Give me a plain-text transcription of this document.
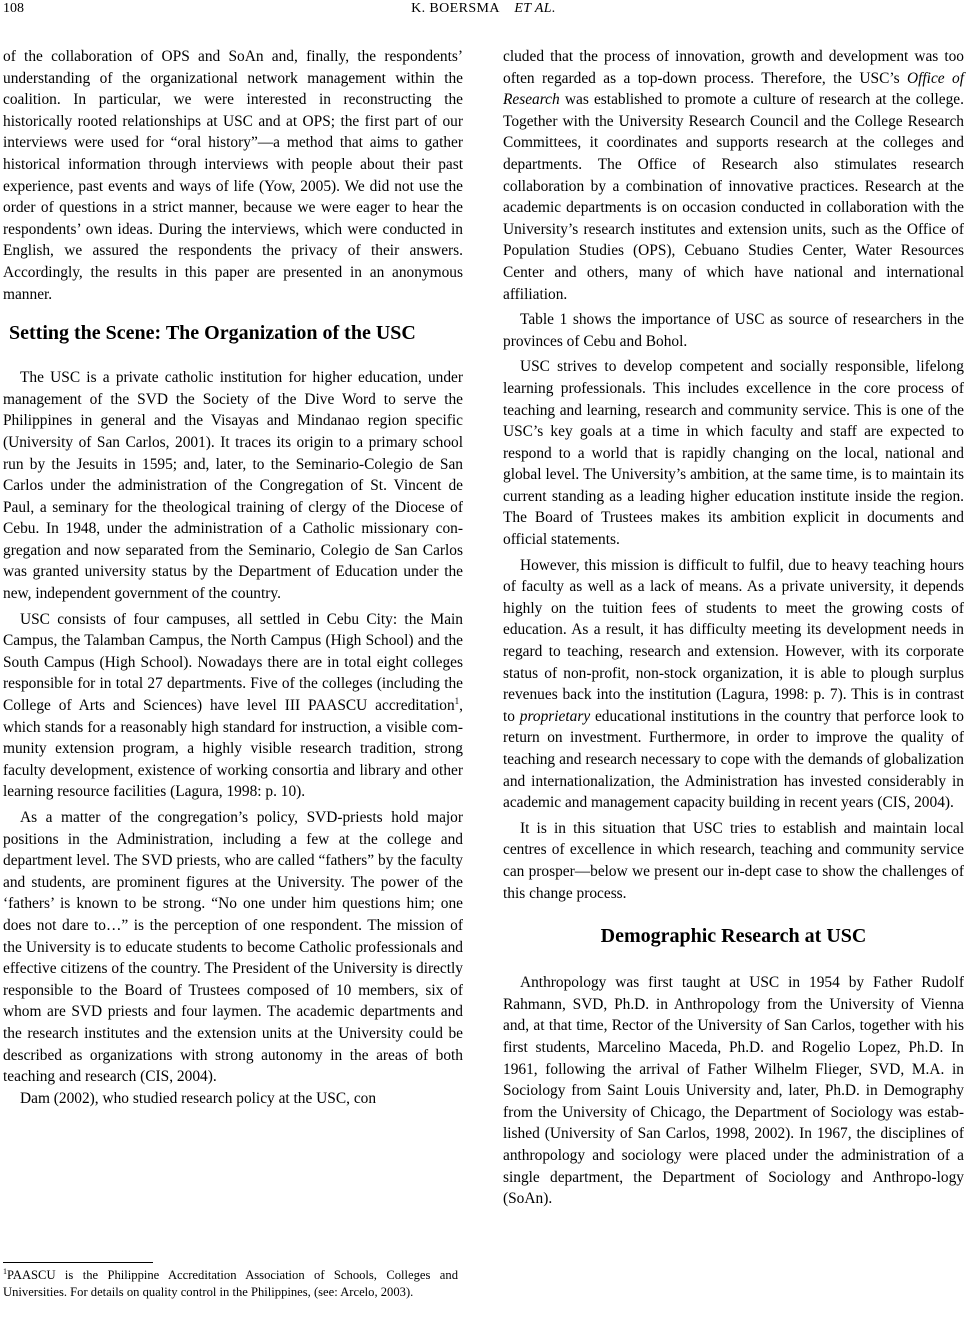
108	K. BOERSMA  ET AL.

of the collaboration of OPS and SoAn and, finally, the respondents’ understanding of the organizational network management within the coalition. In particular, we were interested in reconstructing the historically rooted relationships at USC and at OPS; the first part of our interviews were used for “oral history”—a method that aims to gather historical information through interviews with people about their past experience, past events and ways of life (Yow, 2005). We did not use the order of questions in a strict manner, because we were eager to hear the respondents’ own ideas. During the interviews, which were conducted in English, we assured the respondents the privacy of their answers. Accordingly, the results in this paper are presented in an anonymous manner.

Setting the Scene: The Organization of the USC

The USC is a private catholic institution for higher education, under management of the SVD the Society of the Dive Word to serve the Philippines in general and the Visayas and Mindanao region specific (University of San Carlos, 2001). It traces its origin to a primary school run by the Jesuits in 1595; and, later, to the Seminario-Colegio de San Carlos under the administration of the Congregation of St. Vincent de Paul, a seminary for the theological training of clergy of the Diocese of Cebu. In 1948, under the administration of a Catholic missionary congregation and now separated from the Seminario, Colegio de San Carlos was granted university status by the Department of Education under the new, independent government of the country.

USC consists of four campuses, all settled in Cebu City: the Main Campus, the Talamban Campus, the North Campus (High School) and the South Campus (High School). Nowadays there are in total eight colleges responsible for in total 27 departments. Five of the colleges (including the College of Arts and Sciences) have level III PAASCU accreditation$^1$, which stands for a reasonably high standard for instruction, a visible community extension program, a highly visible research tradition, strong faculty development, existence of working consortia and library and other learning resource facilities (Lagura, 1998: p. 10).

As a matter of the congregation’s policy, SVD-priests hold major positions in the Administration, including a few at the college and department level. The SVD priests, who are called “fathers” by the faculty and students, are prominent figures at the University. The power of the ‘fathers’ is known to be strong. “No one under him questions him; one does not dare to…” is the perception of one respondent. The mission of the University is to educate students to become Catholic professionals and effective citizens of the country. The President of the University is directly responsible to the Board of Trustees composed of 10 members, six of whom are SVD priests and four laymen. The academic departments and the research institutes and the extension units at the University could be described as organizations with strong autonomy in the areas of both teaching and research (CIS, 2004).

Dam (2002), who studied research policy at the USC, con

$^1$PAASCU is the Philippine Accreditation Association of Schools, Colleges and Universities. For details on quality control in the Philippines, (see: Arcelo, 2003).

cluded that the process of innovation, growth and development was too often regarded as a top-down process. Therefore, the USC’s Office of Research was established to promote a culture of research at the college. Together with the University Research Council and the College Research Committees, it coordinates and supports research at the colleges and departments. The Office of Research also stimulates research collaboration by a combination of innovative practices. Research at the academic departments is on occasion conducted in collaboration with the University’s research institutes and extension units, such as the Office of Population Studies (OPS), Cebuano Studies Center, Water Resources Center and others, many of which have national and international affiliation.

Table 1 shows the importance of USC as source of researchers in the provinces of Cebu and Bohol.

USC strives to develop competent and socially responsible, lifelong learning professionals. This includes excellence in the core process of teaching and learning, research and community service. This is one of the USC’s key goals at a time in which faculty and staff are expected to respond to a world that is rapidly changing on the local, national and global level. The University’s ambition, at the same time, is to maintain its current standing as a leading higher education institute inside the region. The Board of Trustees makes its ambition explicit in documents and official statements.

However, this mission is difficult to fulfil, due to heavy teaching hours of faculty as well as a lack of means. As a private university, it depends highly on the tuition fees of students to meet the growing costs of education. As a result, it has difficulty meeting its development needs in regard to teaching, research and extension. However, with its corporate status of non-profit, non-stock organization, it is able to plough surplus revenues back into the institution (Lagura, 1998: p. 7). This is in contrast to proprietary educational institutions in the country that perforce look to return on investment. Furthermore, in order to improve the quality of teaching and research necessary to cope with the demands of globalization and internationalization, the Administration has invested considerably in academic and management capacity building in recent years (CIS, 2004).

It is in this situation that USC tries to establish and maintain local centres of excellence in which research, teaching and community service can prosper—below we present our in-dept case to show the challenges of this change process.

Demographic Research at USC

Anthropology was first taught at USC in 1954 by Father Rudolf Rahmann, SVD, Ph.D. in Anthropology from the University of Vienna and, at that time, Rector of the University of San Carlos, together with his first students, Marcelino Maceda, Ph.D. and Rogelio Lopez, Ph.D. In 1961, following the arrival of Father Wilhelm Flieger, SVD, M.A. in Sociology from Saint Louis University and, later, Ph.D. in Demography from the University of Chicago, the Department of Sociology was established (University of San Carlos, 1998, 2002). In 1967, the disciplines of anthropology and sociology were placed under the administration of a single department, the Department of Sociology and Anthropo-logy (SoAn).
